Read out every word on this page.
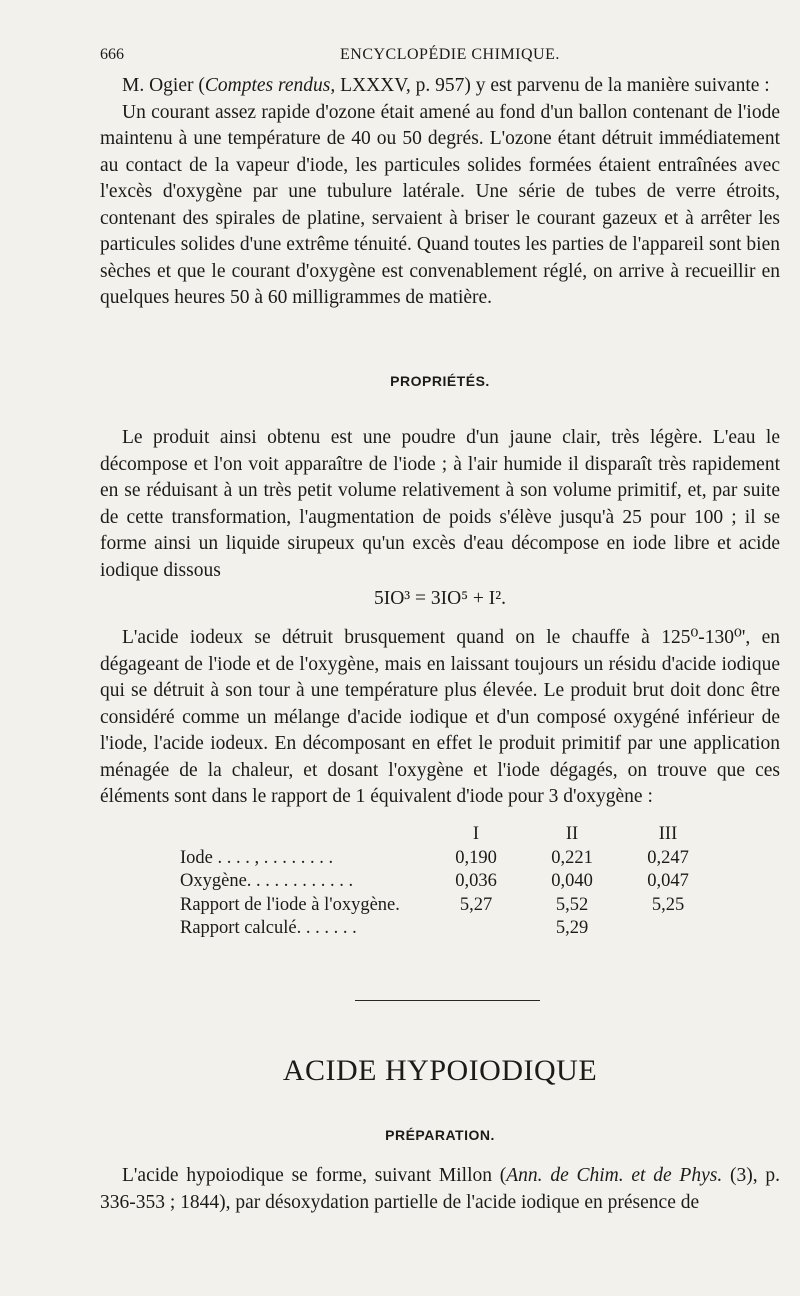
666	ENCYCLOPÉDIE CHIMIQUE.

M. Ogier (Comptes rendus, LXXXV, p. 957) y est parvenu de la manière suivante :

Un courant assez rapide d'ozone était amené au fond d'un ballon contenant de l'iode maintenu à une température de 40 ou 50 degrés. L'ozone étant détruit immédiatement au contact de la vapeur d'iode, les particules solides formées étaient entraînées avec l'excès d'oxygène par une tubulure latérale. Une série de tubes de verre étroits, contenant des spirales de platine, servaient à briser le courant gazeux et à arrêter les particules solides d'une extrême ténuité. Quand toutes les parties de l'appareil sont bien sèches et que le courant d'oxygène est convenablement réglé, on arrive à recueillir en quelques heures 50 à 60 milligrammes de matière.

PROPRIÉTÉS.

Le produit ainsi obtenu est une poudre d'un jaune clair, très légère. L'eau le décompose et l'on voit apparaître de l'iode ; à l'air humide il disparaît très rapidement en se réduisant à un très petit volume relativement à son volume primitif, et, par suite de cette transformation, l'augmentation de poids s'élève jusqu'à 25 pour 100 ; il se forme ainsi un liquide sirupeux qu'un excès d'eau décompose en iode libre et acide iodique dissous

5IO³ = 3IO⁵ + I².

L'acide iodeux se détruit brusquement quand on le chauffe à 125⁰-130⁰', en dégageant de l'iode et de l'oxygène, mais en laissant toujours un résidu d'acide iodique qui se détruit à son tour à une température plus élevée. Le produit brut doit donc être considéré comme un mélange d'acide iodique et d'un composé oxygéné inférieur de l'iode, l'acide iodeux. En décomposant en effet le produit primitif par une application ménagée de la chaleur, et dosant l'oxygène et l'iode dégagés, on trouve que ces éléments sont dans le rapport de 1 équivalent d'iode pour 3 d'oxygène :

	I	II	III
Iode . . . . , . . . . . . . .	0,190	0,221	0,247
Oxygène. . . . . . . . . . . .	0,036	0,040	0,047
Rapport de l'iode à l'oxygène.	5,27	5,52	5,25
Rapport calculé. . . . . . .		5,29	
ACIDE HYPOIODIQUE
PRÉPARATION.

L'acide hypoiodique se forme, suivant Millon (Ann. de Chim. et de Phys. (3), p. 336-353 ; 1844), par désoxydation partielle de l'acide iodique en présence de
